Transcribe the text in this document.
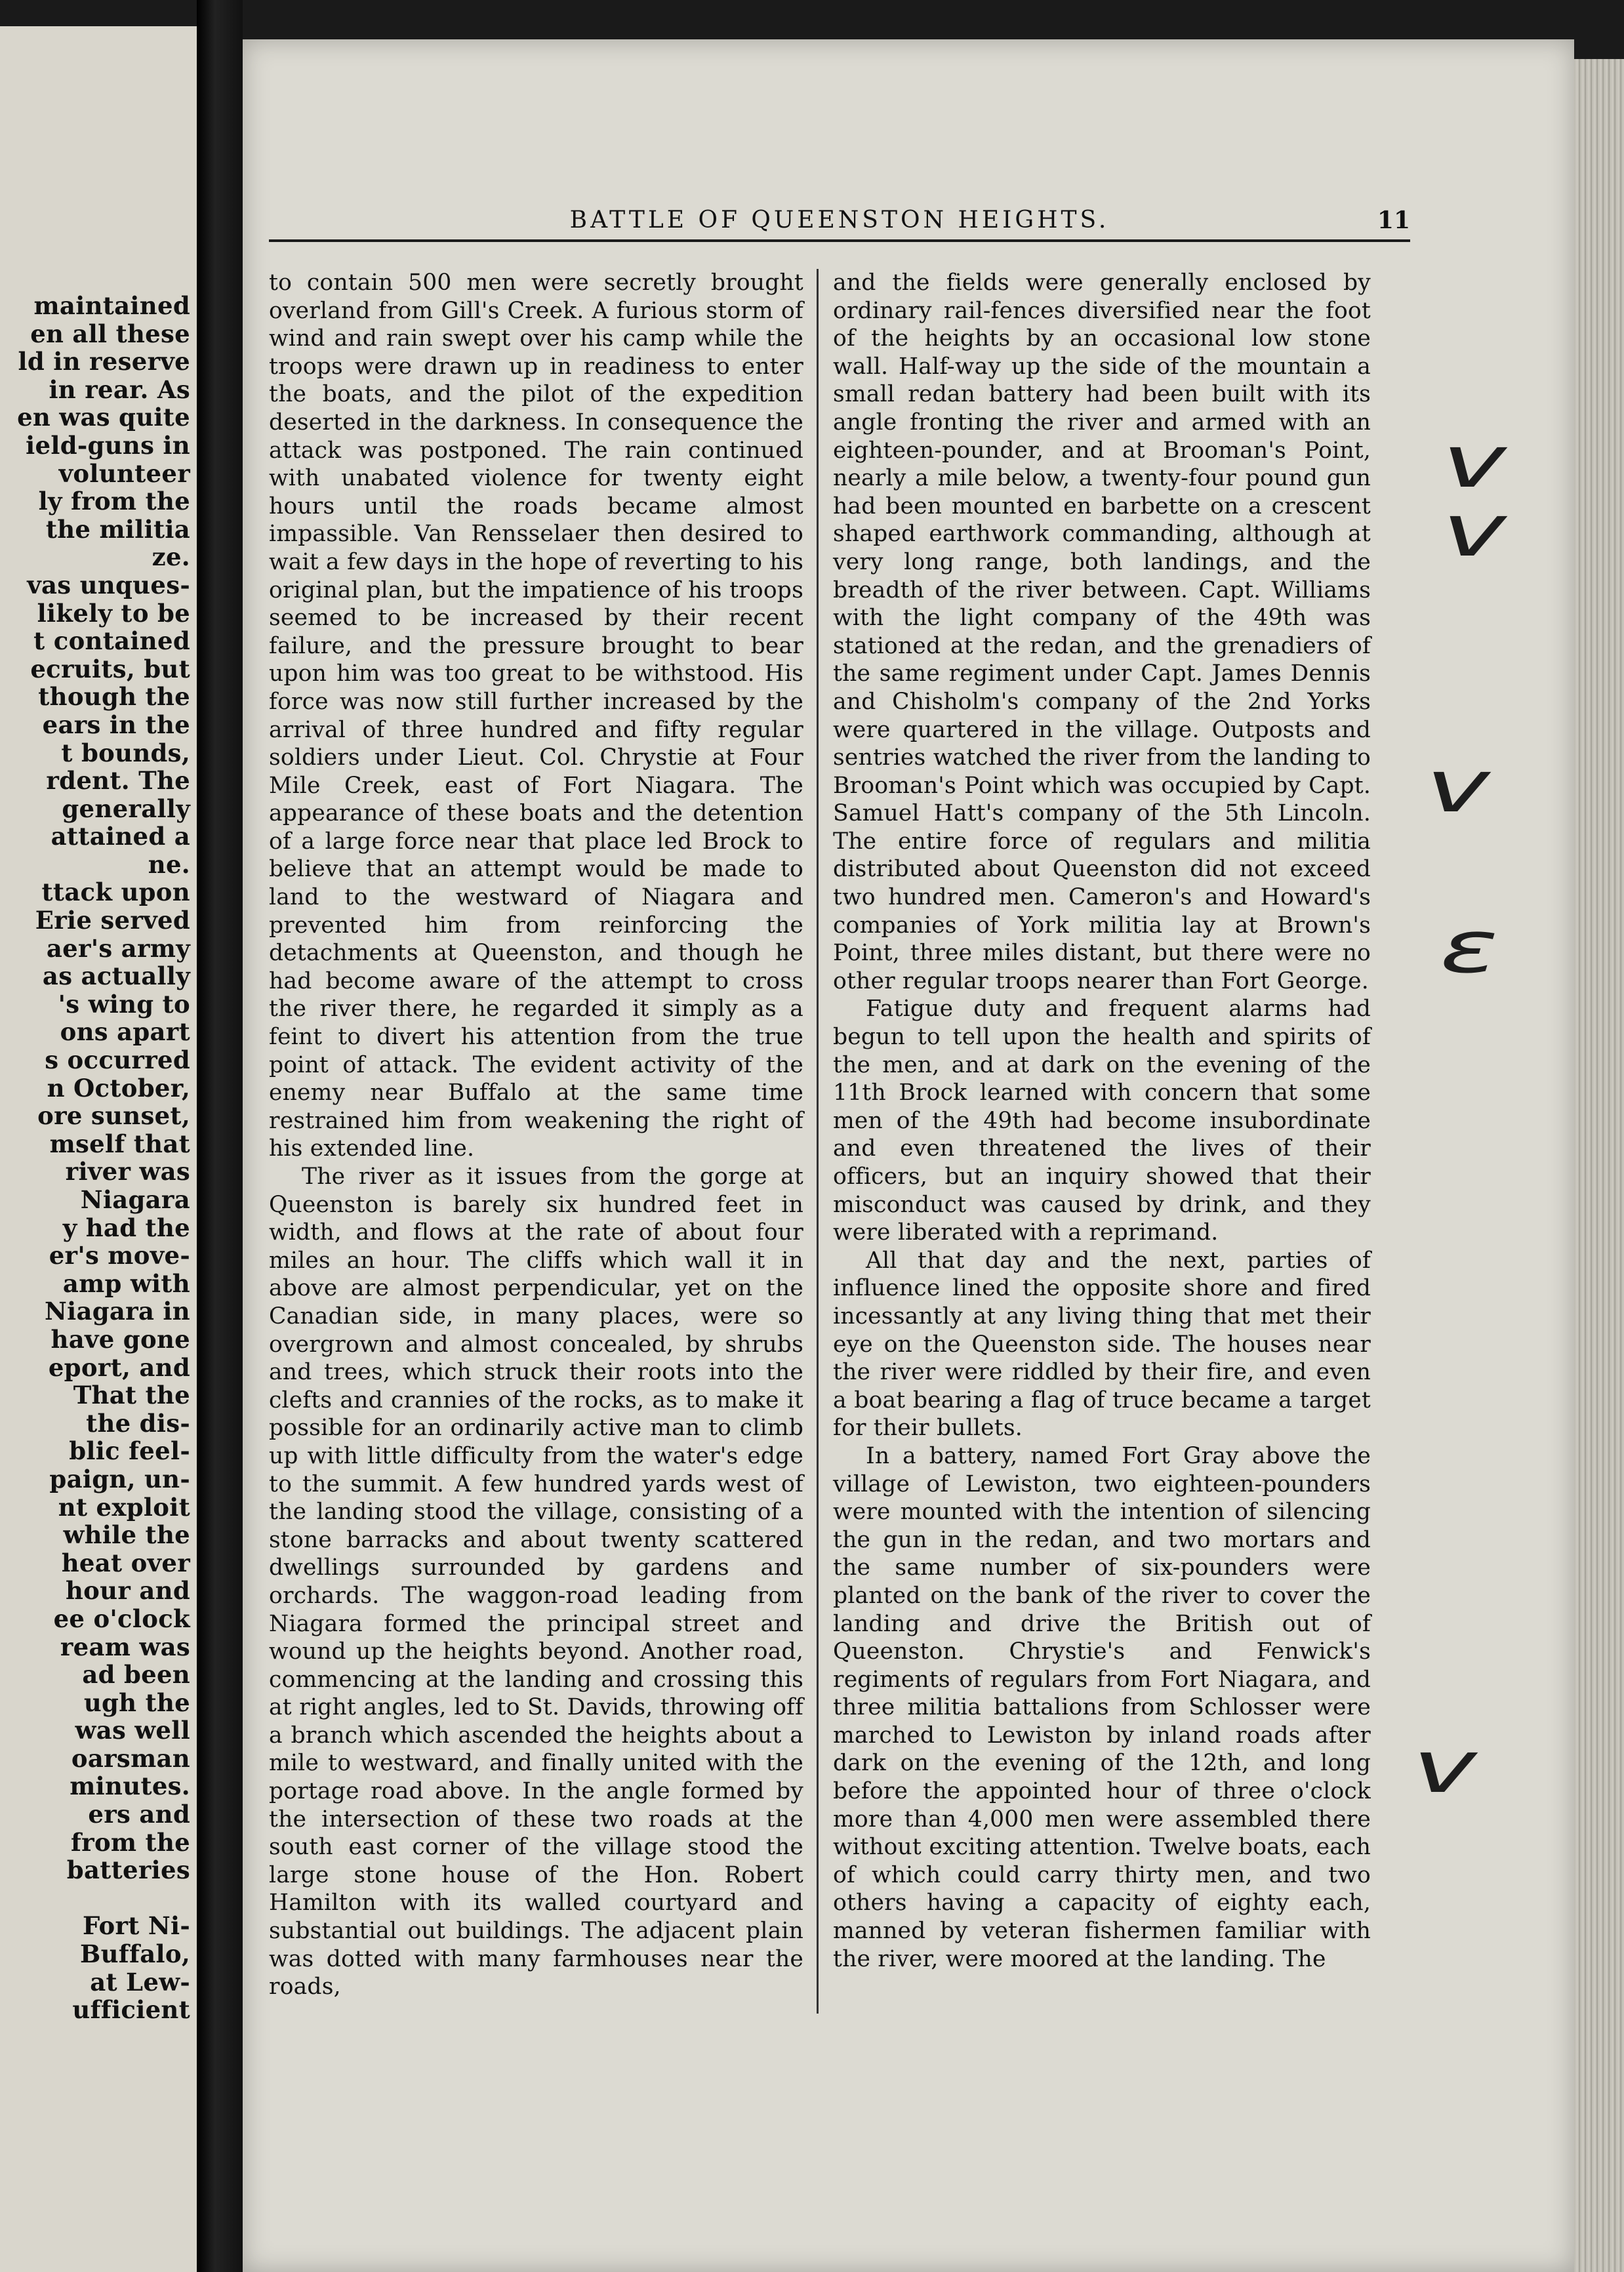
maintained
en all these
ld in reserve
in rear. As
en was quite
ield-guns in
volunteer
ly from the
the militia
ze.
vas unques-
likely to be
t contained
ecruits, but
though the
ears in the
t bounds,
rdent. The
generally
attained a
ne.
ttack upon
Erie served
aer's army
as actually
's wing to
ons apart
s occurred
n October,
ore sunset,
mself that
river was
Niagara
y had the
er's move-
amp with
Niagara in
have gone
eport, and
That the
the dis-
blic feel-
paign, un-
nt exploit
while the
heat over
hour and
ee o'clock
ream was
ad been
ugh the
was well
oarsman
minutes.
ers and
from the
batteries
Fort Ni-
Buffalo,
at Lew-
ufficient
BATTLE OF QUEENSTON HEIGHTS.	11

to contain 500 men were secretly brought overland from Gill's Creek. A furious storm of wind and rain swept over his camp while the troops were drawn up in readiness to enter the boats, and the pilot of the expedition deserted in the darkness. In consequence the attack was postponed. The rain continued with unabated violence for twenty eight hours until the roads became almost impassible. Van Rensselaer then desired to wait a few days in the hope of reverting to his original plan, but the impatience of his troops seemed to be increased by their recent failure, and the pressure brought to bear upon him was too great to be withstood. His force was now still further increased by the arrival of three hundred and fifty regular soldiers under Lieut. Col. Chrystie at Four Mile Creek, east of Fort Niagara. The appearance of these boats and the detention of a large force near that place led Brock to believe that an attempt would be made to land to the westward of Niagara and prevented him from reinforcing the detachments at Queenston, and though he had become aware of the attempt to cross the river there, he regarded it simply as a feint to divert his attention from the true point of attack. The evident activity of the enemy near Buffalo at the same time restrained him from weakening the right of his extended line.

The river as it issues from the gorge at Queenston is barely six hundred feet in width, and flows at the rate of about four miles an hour. The cliffs which wall it in above are almost perpendicular, yet on the Canadian side, in many places, were so overgrown and almost concealed, by shrubs and trees, which struck their roots into the clefts and crannies of the rocks, as to make it possible for an ordinarily active man to climb up with little difficulty from the water's edge to the summit. A few hundred yards west of the landing stood the village, consisting of a stone barracks and about twenty scattered dwellings surrounded by gardens and orchards. The waggon-road leading from Niagara formed the principal street and wound up the heights beyond. Another road, commencing at the landing and crossing this at right angles, led to St. Davids, throwing off a branch which ascended the heights about a mile to westward, and finally united with the portage road above. In the angle formed by the intersection of these two roads at the south east corner of the village stood the large stone house of the Hon. Robert Hamilton with its walled courtyard and substantial out buildings. The adjacent plain was dotted with many farmhouses near the roads,

and the fields were generally enclosed by ordinary rail-fences diversified near the foot of the heights by an occasional low stone wall. Half-way up the side of the mountain a small redan battery had been built with its angle fronting the river and armed with an eighteen-pounder, and at Brooman's Point, nearly a mile below, a twenty-four pound gun had been mounted en barbette on a crescent shaped earthwork commanding, although at very long range, both landings, and the breadth of the river between. Capt. Williams with the light company of the 49th was stationed at the redan, and the grenadiers of the same regiment under Capt. James Dennis and Chisholm's company of the 2nd Yorks were quartered in the village. Outposts and sentries watched the river from the landing to Brooman's Point which was occupied by Capt. Samuel Hatt's company of the 5th Lincoln. The entire force of regulars and militia distributed about Queenston did not exceed two hundred men. Cameron's and Howard's companies of York militia lay at Brown's Point, three miles distant, but there were no other regular troops nearer than Fort George.

Fatigue duty and frequent alarms had begun to tell upon the health and spirits of the men, and at dark on the evening of the 11th Brock learned with concern that some men of the 49th had become insubordinate and even threatened the lives of their officers, but an inquiry showed that their misconduct was caused by drink, and they were liberated with a reprimand.

All that day and the next, parties of influence lined the opposite shore and fired incessantly at any living thing that met their eye on the Queenston side. The houses near the river were riddled by their fire, and even a boat bearing a flag of truce became a target for their bullets.

In a battery, named Fort Gray above the village of Lewiston, two eighteen-pounders were mounted with the intention of silencing the gun in the redan, and two mortars and the same number of six-pounders were planted on the bank of the river to cover the landing and drive the British out of Queenston. Chrystie's and Fenwick's regiments of regulars from Fort Niagara, and three militia battalions from Schlosser were marched to Lewiston by inland roads after dark on the evening of the 12th, and long before the appointed hour of three o'clock more than 4,000 men were assembled there without exciting attention. Twelve boats, each of which could carry thirty men, and two others having a capacity of eighty each, manned by veteran fishermen familiar with the river, were moored at the landing. The

v
v
v
ε
v
